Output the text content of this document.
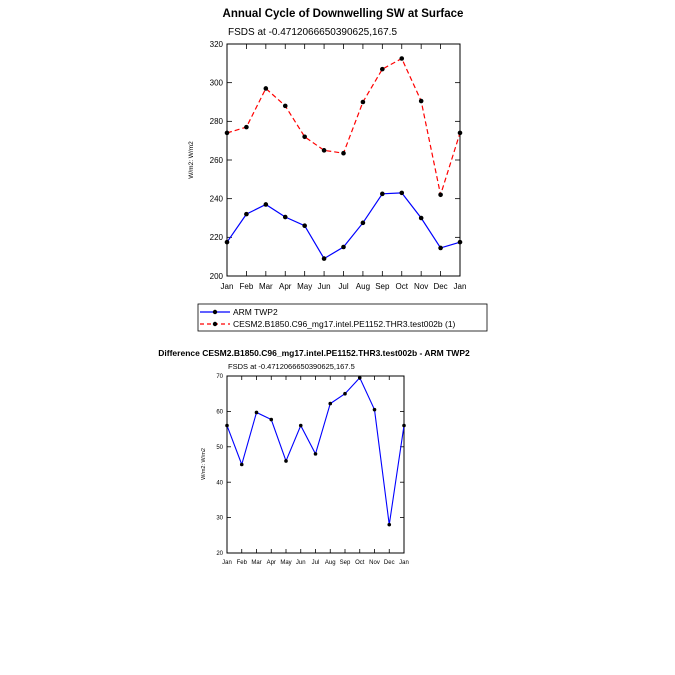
Annual Cycle of Downwelling SW at Surface
FSDS at -0.4712066650390625,167.5
W/m2: W/m2
200
220
240
260
280
300
320
Jan Feb Mar Apr May Jun Jul Aug Sep Oct Nov Dec Jan
ARM TWP2
CESM2.B1850.C96_mg17.intel.PE1152.THR3.test002b (1)
Difference CESM2.B1850.C96_mg17.intel.PE1152.THR3.test002b - ARM TWP2
FSDS at -0.4712066650390625,167.5
W/m2: W/m2
20
30
40
50
60
70
Jan Feb Mar Apr May Jun Jul Aug Sep Oct Nov Dec Jan
